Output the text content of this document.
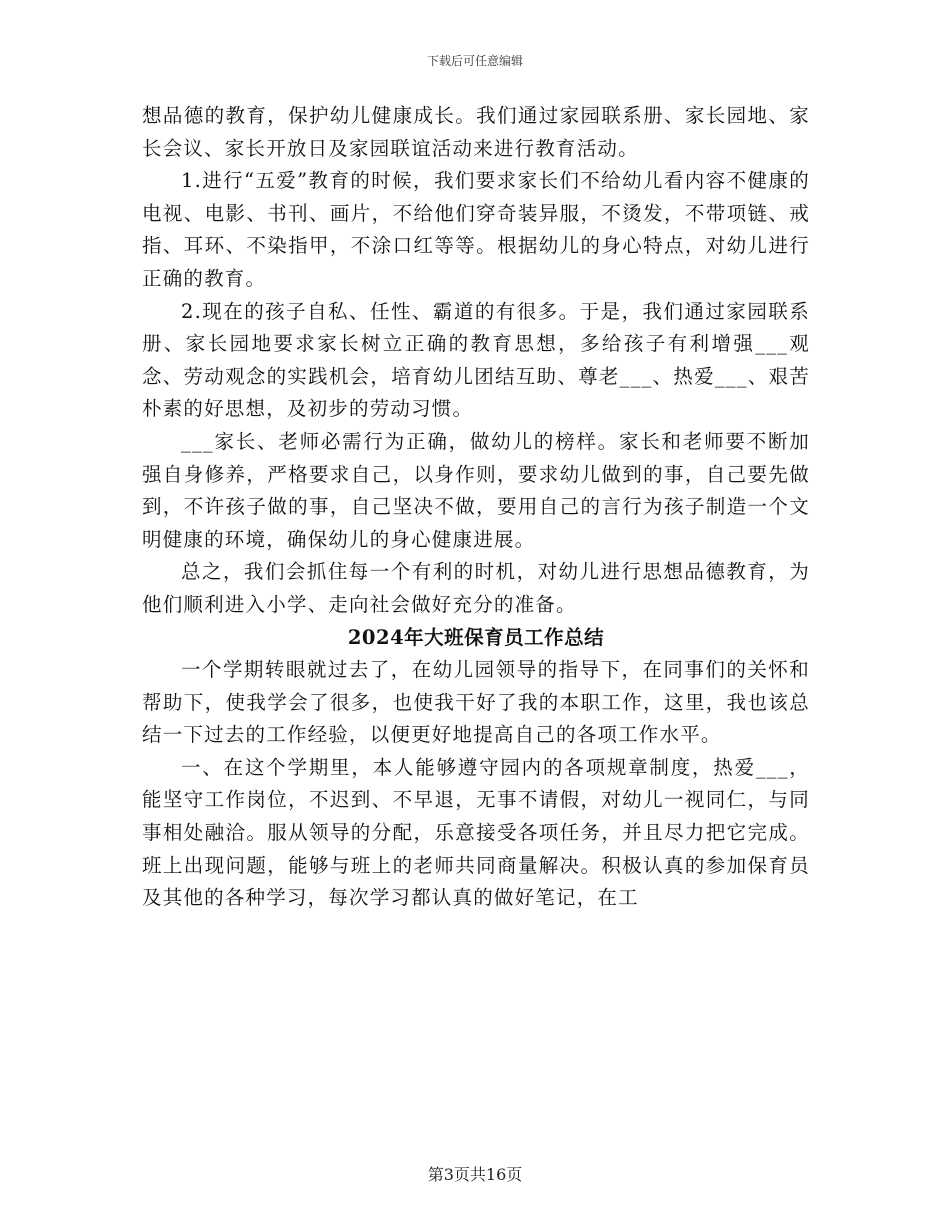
下载后可任意编辑

想品德的教育，保护幼儿健康成长。我们通过家园联系册、家长园地、家长会议、家长开放日及家园联谊活动来进行教育活动。

1.进行“五爱”教育的时候，我们要求家长们不给幼儿看内容不健康的电视、电影、书刊、画片，不给他们穿奇装异服，不烫发，不带项链、戒指、耳环、不染指甲，不涂口红等等。根据幼儿的身心特点，对幼儿进行正确的教育。

2.现在的孩子自私、任性、霸道的有很多。于是，我们通过家园联系册、家长园地要求家长树立正确的教育思想，多给孩子有利增强___观念、劳动观念的实践机会，培育幼儿团结互助、尊老___、热爱___、艰苦朴素的好思想，及初步的劳动习惯。

___家长、老师必需行为正确，做幼儿的榜样。家长和老师要不断加强自身修养，严格要求自己，以身作则，要求幼儿做到的事，自己要先做到，不许孩子做的事，自己坚决不做，要用自己的言行为孩子制造一个文明健康的环境，确保幼儿的身心健康进展。

总之，我们会抓住每一个有利的时机，对幼儿进行思想品德教育，为他们顺利进入小学、走向社会做好充分的准备。

2024年大班保育员工作总结

一个学期转眼就过去了，在幼儿园领导的指导下，在同事们的关怀和帮助下，使我学会了很多，也使我干好了我的本职工作，这里，我也该总结一下过去的工作经验，以便更好地提高自己的各项工作水平。

一、在这个学期里，本人能够遵守园内的各项规章制度，热爱___，能坚守工作岗位，不迟到、不早退，无事不请假，对幼儿一视同仁，与同事相处融洽。服从领导的分配，乐意接受各项任务，并且尽力把它完成。班上出现问题，能够与班上的老师共同商量解决。积极认真的参加保育员及其他的各种学习，每次学习都认真的做好笔记，在工

第3页共16页
